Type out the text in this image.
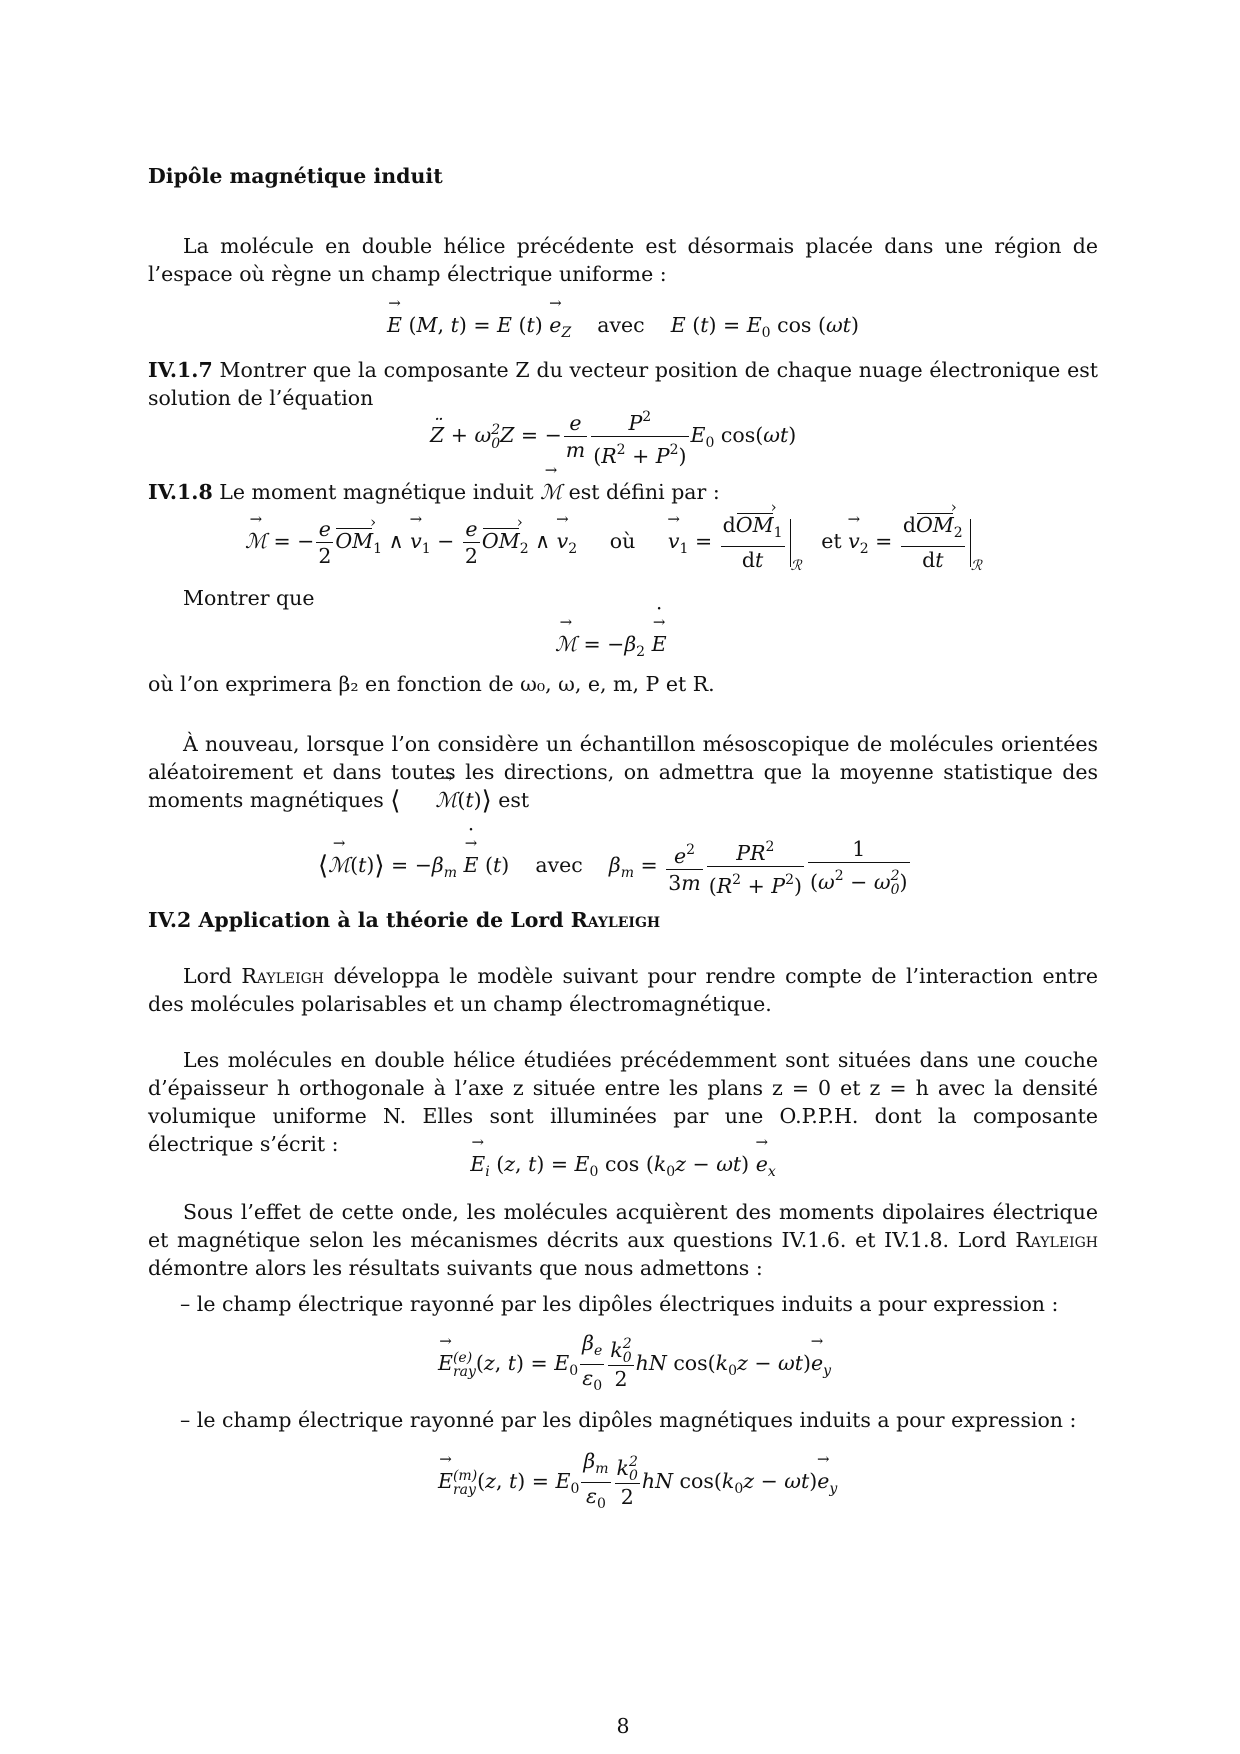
Dipôle magnétique induit
La molécule en double hélice précédente est désormais placée dans une région de l’espace où règne un champ électrique uniforme :
→ E (M, t) = E $(t) \to e_Z$ avec E $(t) = E_0$ cos (ωt)
IV.1.7 Montrer que la composante Z du vecteur position de chaque nuage électronique est solution de l’équation
¨ Z + ω 2
0 Z = − $\frac{e}{m} \frac{P^2}{(R^2 + P^2)} E_0$ cos(ωt)
IV.1.8 Le moment magnétique induit → ℳ est défini par :
→ ℳ = − $\frac{e}{2}$ OM $›_1$ ∧ → $v_1 - \frac{e}{2}$ OM $›_2$ ∧ → $v_2$ où → $v_1 = \frac{dOM ›_1}{dt} _ℛ$   et → $v_2 = \frac{dOM ›_2}{dt} _ℛ$
Montrer que
→ ℳ = $-\beta_2 \to E$ ˙
où l’on exprimera β₂ en fonction de ω₀, ω, e, m, P et R.
À nouveau, lorsque l’on considère un échantillon mésoscopique de molécules orientées aléatoirement et dans toutes les directions, on admettra que la moyenne statistique des moments magnétiques ⟨ → ℳ(t)⟩ est
⟨→ ℳ(t)⟩ = $-\beta_m \to E$ ˙ (t)    avec $\beta_m = \frac{e^2}{3m} \frac{PR^2}{(R^2 + P^2)} 1$
($\omega^2 - \omega$ 2
0 )
IV.2 Application à la théorie de Lord Rayleigh
Lord Rayleigh développa le modèle suivant pour rendre compte de l’interaction entre des molécules polarisables et un champ électromagnétique.
Les molécules en double hélice étudiées précédemment sont situées dans une couche d’épaisseur h orthogonale à l’axe z située entre les plans z = 0 et z = h avec la densité volumique uniforme N. Elles sont illuminées par une O.P.P.H. dont la composante électrique s’écrit :
→ $E_i$ (z, $t) = E_0$ $\cos (k_0z - \omega t) \to e_x$
Sous l’effet de cette onde, les molécules acquièrent des moments dipolaires électrique et magnétique selon les mécanismes décrits aux questions IV.1.6. et IV.1.8. Lord Rayleigh démontre alors les résultats suivants que nous admettons :
– le champ électrique rayonné par les dipôles électriques induits a pour expression :
→ E (e)
ray (z, $t) = E_0 \frac{\beta_e}{\varepsilon_0}$ k 2
0
2 hN $\cos(k_0z - \omega t)\to e_y$
– le champ électrique rayonné par les dipôles magnétiques induits a pour expression :
→ E (m)
ray (z, $t) = E_0 \frac{\beta_m}{\varepsilon_0}$ k 2
0
2 hN $\cos(k_0z - \omega t)\to e_y$
8
